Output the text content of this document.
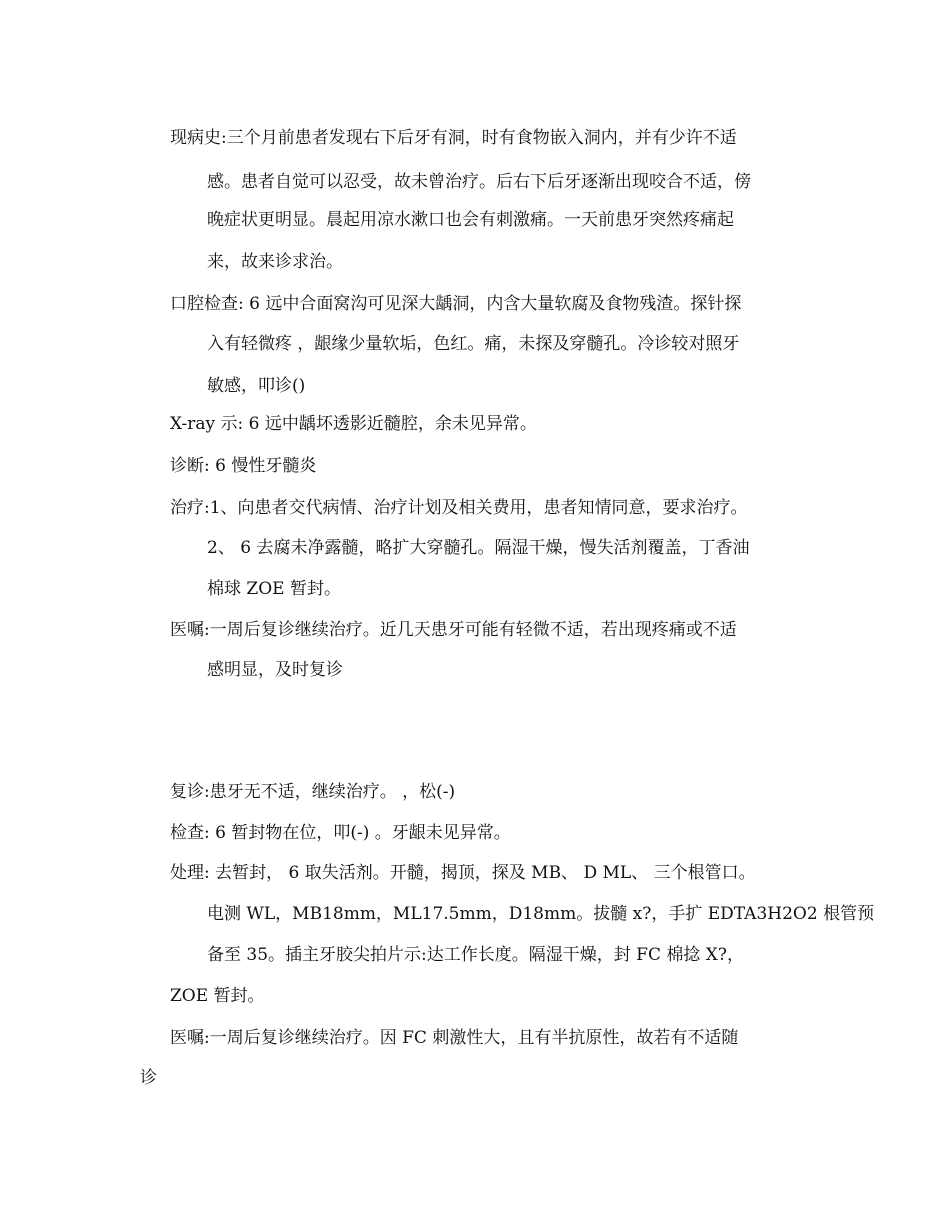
现病史:三个月前患者发现右下后牙有洞，时有食物嵌入洞内，并有少许不适
感。患者自觉可以忍受，故未曾治疗。后右下后牙逐渐出现咬合不适，傍
晚症状更明显。晨起用凉水漱口也会有刺激痛。一天前患牙突然疼痛起
来，故来诊求治。
口腔检查: 6 远中合面窝沟可见深大龋洞，内含大量软腐及食物残渣。探针探
入有轻微疼 ，龈缘少量软垢，色红。痛，未探及穿髓孔。冷诊较对照牙
敏感，叩诊()
X-ray 示: 6 远中龋坏透影近髓腔，余未见异常。
诊断: 6 慢性牙髓炎
治疗:1、向患者交代病情、治疗计划及相关费用，患者知情同意，要求治疗。
2、 6 去腐未净露髓，略扩大穿髓孔。隔湿干燥，慢失活剂覆盖，丁香油
棉球 ZOE 暂封。
医嘱:一周后复诊继续治疗。近几天患牙可能有轻微不适，若出现疼痛或不适
感明显，及时复诊
复诊:患牙无不适，继续治疗。 ，松(-)
检查: 6 暂封物在位，叩(-) 。牙龈未见异常。
处理: 去暂封， 6 取失活剂。开髓，揭顶，探及 MB、 D ML、 三个根管口。
电测 WL，MB18mm，ML17.5mm，D18mm。拔髓 x?，手扩 EDTA3H2O2 根管预
备至 35。插主牙胶尖拍片示:达工作长度。隔湿干燥，封 FC 棉捻 X?，
ZOE 暂封。
医嘱:一周后复诊继续治疗。因 FC 刺激性大，且有半抗原性，故若有不适随
诊
